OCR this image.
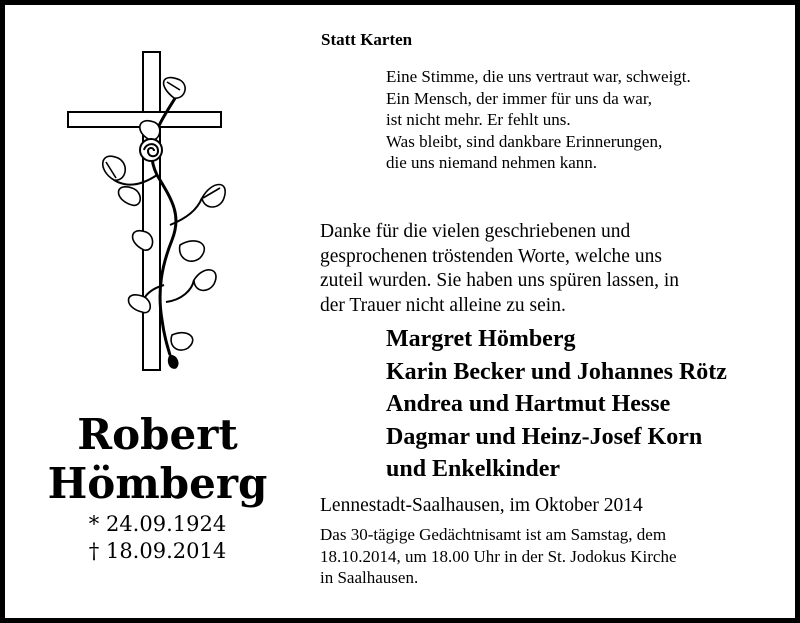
Robert
Hömberg
* 24.09.1924
† 18.09.2014
Statt Karten
Eine Stimme, die uns vertraut war, schweigt.
Ein Mensch, der immer für uns da war,
ist nicht mehr. Er fehlt uns.
Was bleibt, sind dankbare Erinnerungen,
die uns niemand nehmen kann.
Danke für die vielen geschriebenen und
gesprochenen tröstenden Worte, welche uns
zuteil wurden. Sie haben uns spüren lassen, in
der Trauer nicht alleine zu sein.
Margret Hömberg
Karin Becker und Johannes Rötz
Andrea und Hartmut Hesse
Dagmar und Heinz-Josef Korn
und Enkelkinder
Lennestadt-Saalhausen, im Oktober 2014
Das 30-tägige Gedächtnisamt ist am Samstag, dem
18.10.2014, um 18.00 Uhr in der St. Jodokus Kirche
in Saalhausen.
